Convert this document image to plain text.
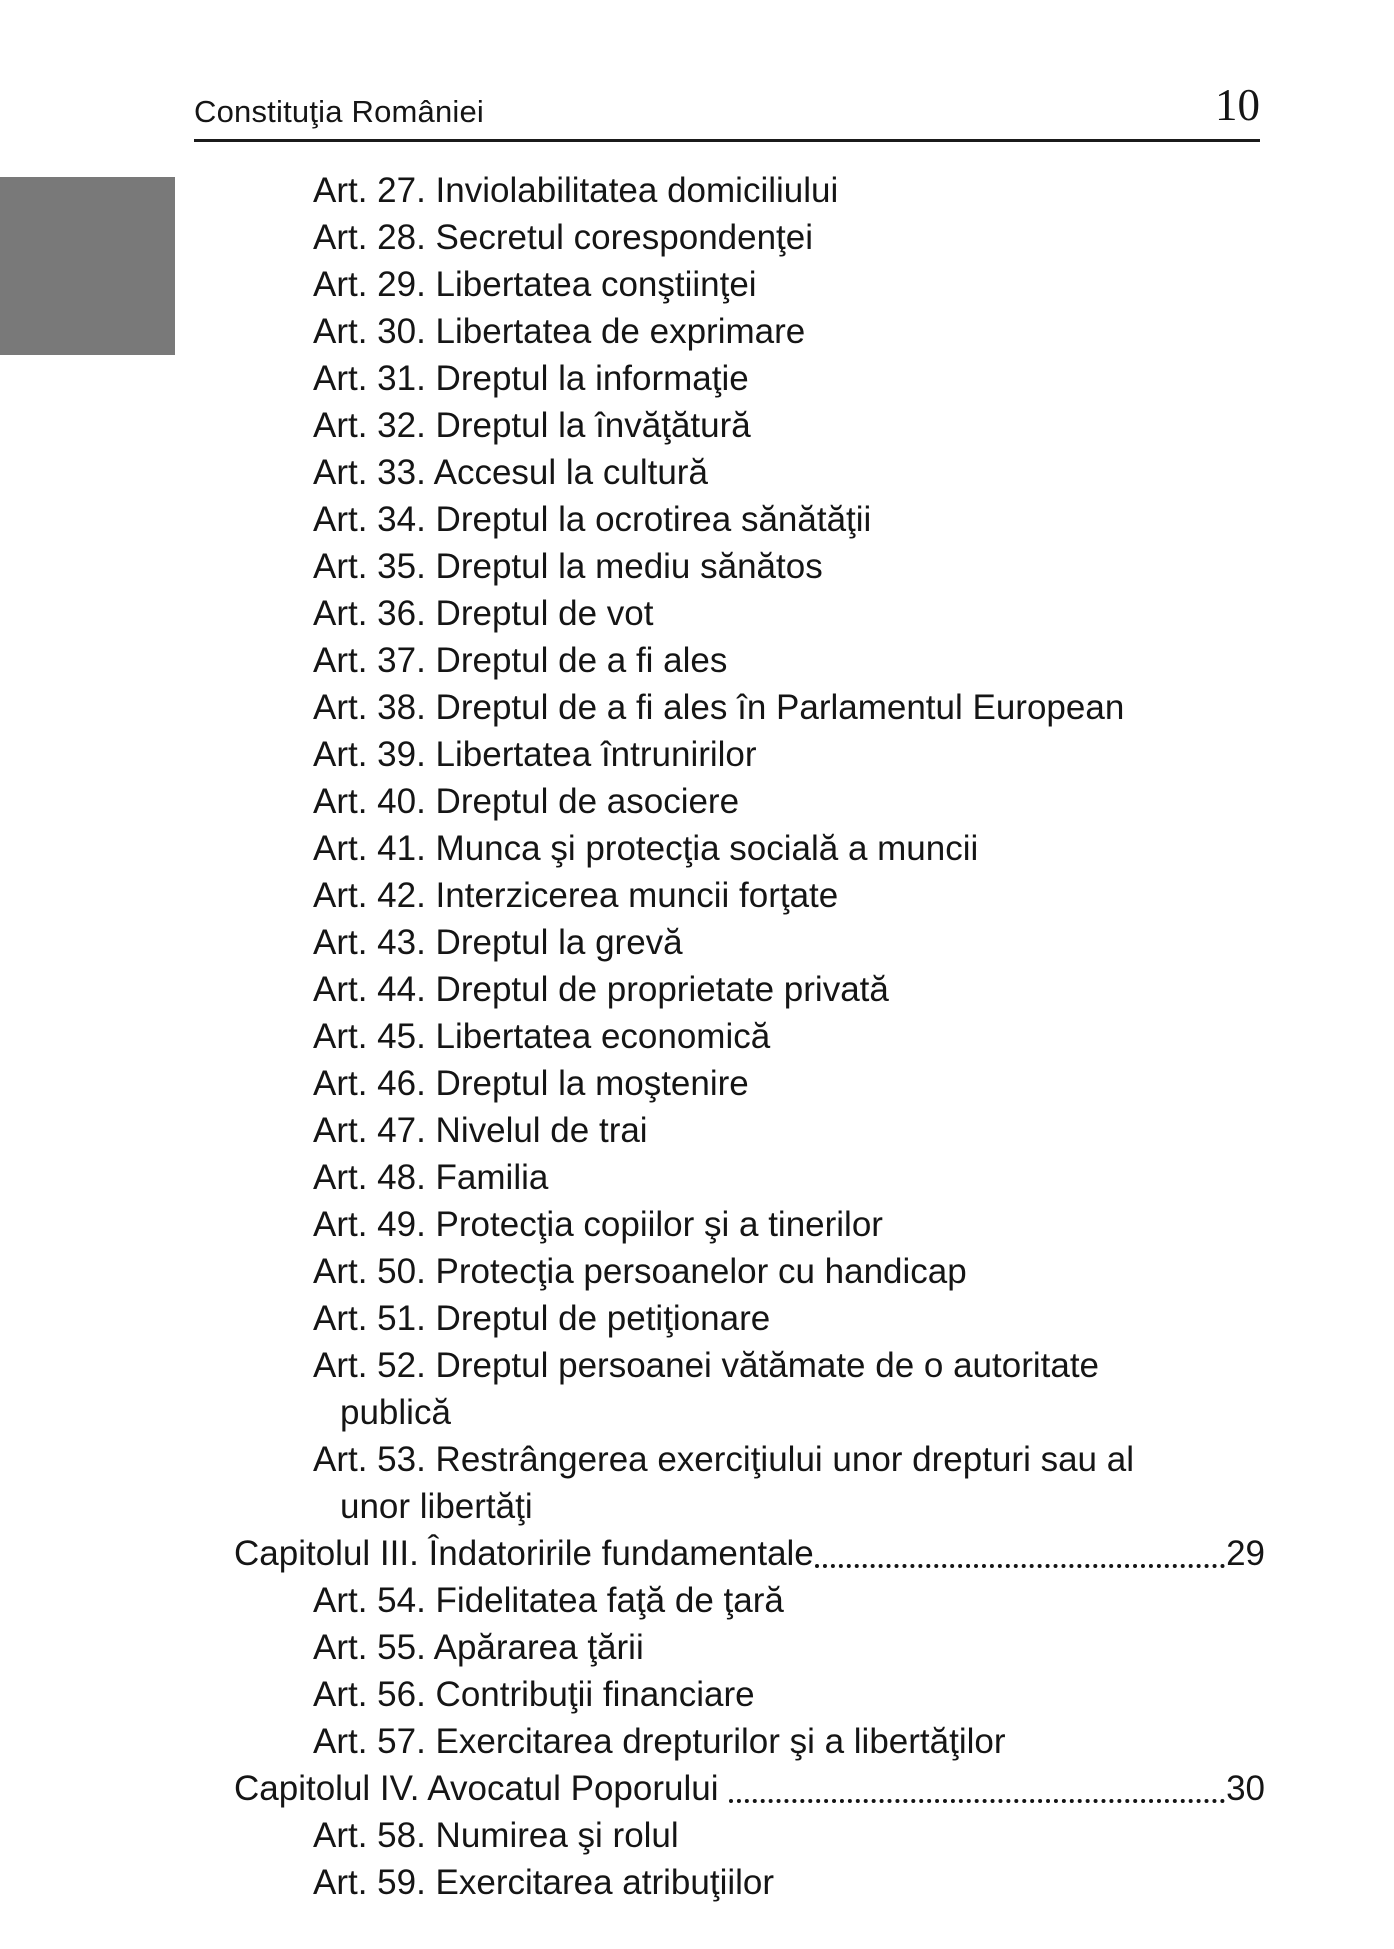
Constituţia României	10
Art. 27. Inviolabilitatea domiciliului
Art. 28. Secretul corespondenţei
Art. 29. Libertatea conştiinţei
Art. 30. Libertatea de exprimare
Art. 31. Dreptul la informaţie
Art. 32. Dreptul la învăţătură
Art. 33. Accesul la cultură
Art. 34. Dreptul la ocrotirea sănătăţii
Art. 35. Dreptul la mediu sănătos
Art. 36. Dreptul de vot
Art. 37. Dreptul de a fi ales
Art. 38. Dreptul de a fi ales în Parlamentul European
Art. 39. Libertatea întrunirilor
Art. 40. Dreptul de asociere
Art. 41. Munca şi protecţia socială a muncii
Art. 42. Interzicerea muncii forţate
Art. 43. Dreptul la grevă
Art. 44. Dreptul de proprietate privată
Art. 45. Libertatea economică
Art. 46. Dreptul la moştenire
Art. 47. Nivelul de trai
Art. 48. Familia
Art. 49. Protecţia copiilor şi a tinerilor
Art. 50. Protecţia persoanelor cu handicap
Art. 51. Dreptul de petiţionare
Art. 52. Dreptul persoanei vătămate de o autoritate
publică
Art. 53. Restrângerea exerciţiului unor drepturi sau al
unor libertăţi
Capitolul III. Îndatoririle fundamentale	29
Art. 54. Fidelitatea faţă de ţară
Art. 55. Apărarea ţării
Art. 56. Contribuţii financiare
Art. 57. Exercitarea drepturilor şi a libertăţilor
Capitolul IV. Avocatul Poporului	30
Art. 58. Numirea şi rolul
Art. 59. Exercitarea atribuţiilor
